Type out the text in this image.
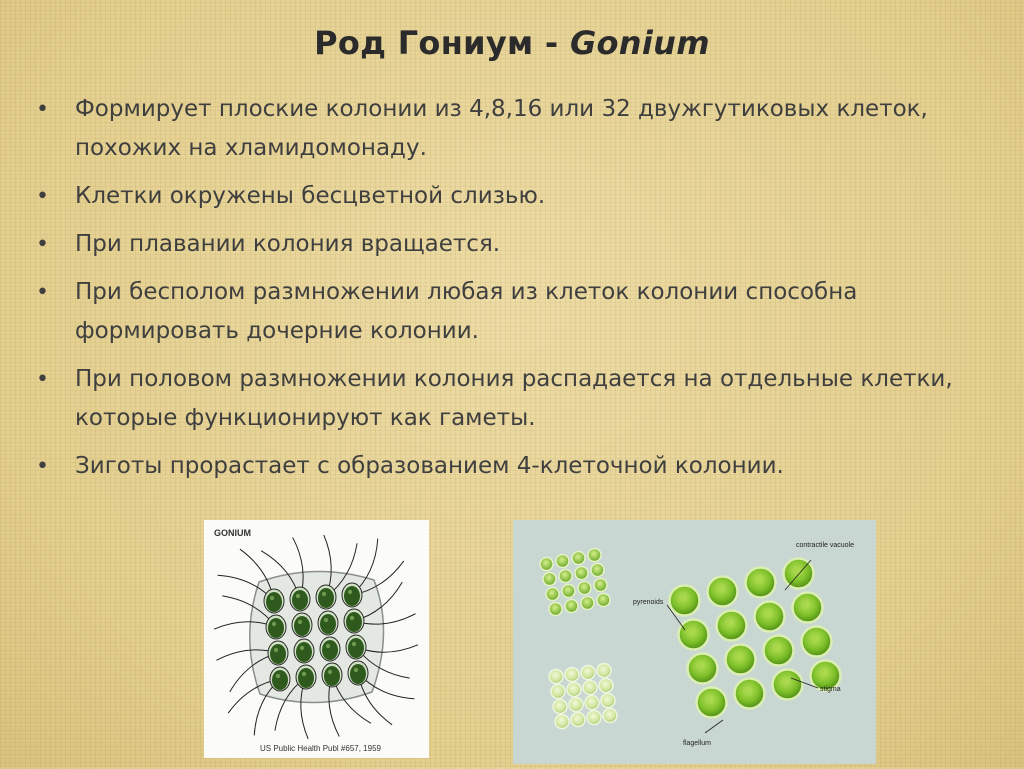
Род Гониум - Gonium
• Формирует плоские колонии из 4,8,16 или 32 двужгутиковых клеток, похожих на хламидомонаду.
• Клетки окружены бесцветной слизью.
• При плавании колония вращается.
• При бесполом размножении любая из клеток колонии способна формировать дочерние колонии.
• При половом размножении колония распадается на отдельные клетки, которые функционируют как гаметы.
• Зиготы прорастает с образованием 4-клеточной колонии.
GONIUM
US Public Health Publ #657, 1959
contractile vacuole
pyrenoids
stigma
flagellum
